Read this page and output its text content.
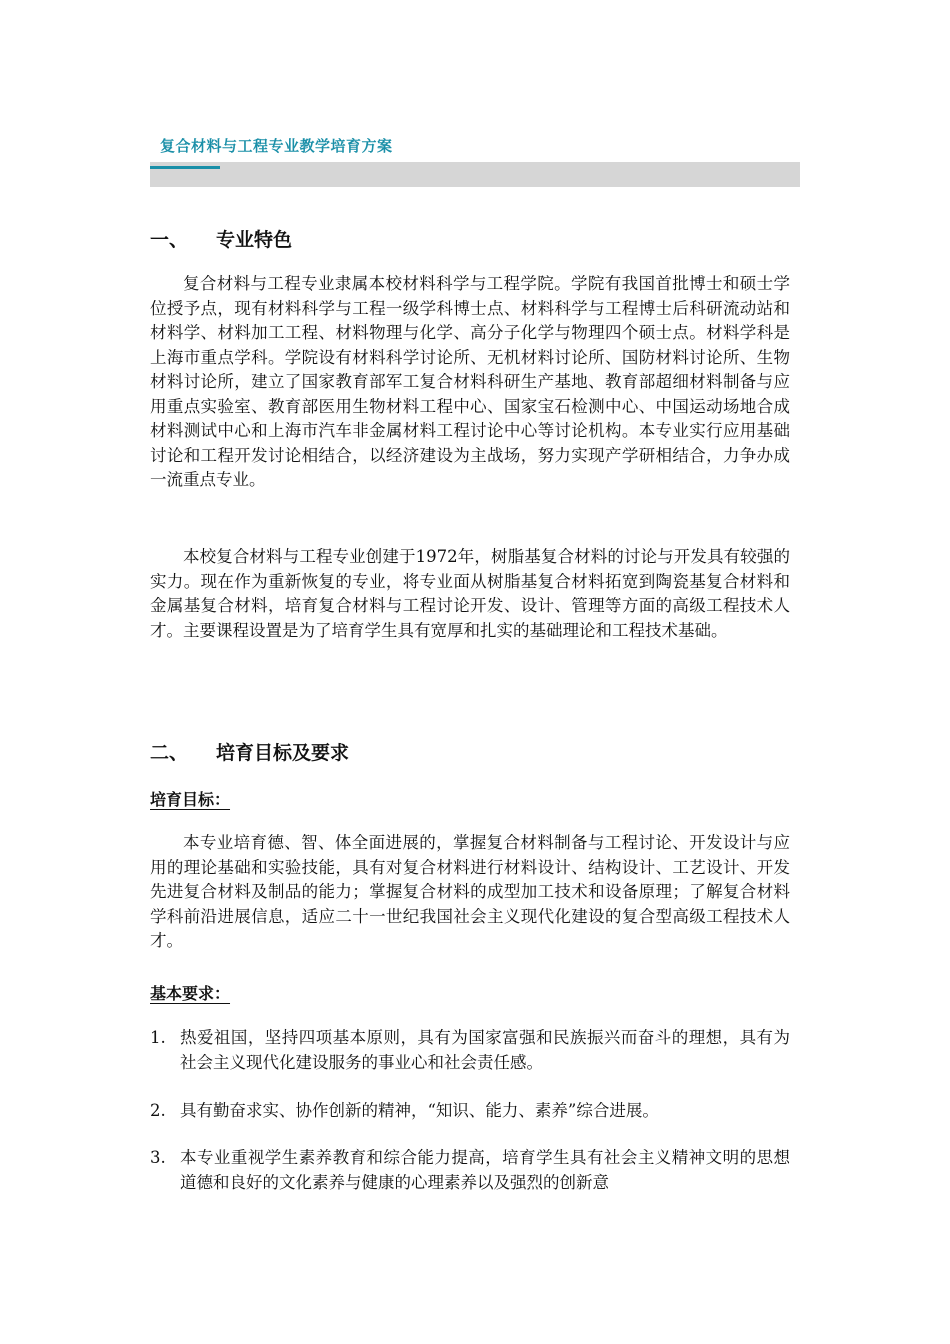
复合材料与工程专业教学培育方案
一、 专业特色

复合材料与工程专业隶属本校材料科学与工程学院。学院有我国首批博士和硕士学位授予点，现有材料科学与工程一级学科博士点、材料科学与工程博士后科研流动站和材料学、材料加工工程、材料物理与化学、高分子化学与物理四个硕士点。材料学科是上海市重点学科。学院设有材料科学讨论所、无机材料讨论所、国防材料讨论所、生物材料讨论所，建立了国家教育部军工复合材料科研生产基地、教育部超细材料制备与应用重点实验室、教育部医用生物材料工程中心、国家宝石检测中心、中国运动场地合成材料测试中心和上海市汽车非金属材料工程讨论中心等讨论机构。本专业实行应用基础讨论和工程开发讨论相结合，以经济建设为主战场，努力实现产学研相结合，力争办成一流重点专业。

本校复合材料与工程专业创建于1972年，树脂基复合材料的讨论与开发具有较强的实力。现在作为重新恢复的专业，将专业面从树脂基复合材料拓宽到陶瓷基复合材料和金属基复合材料，培育复合材料与工程讨论开发、设计、管理等方面的高级工程技术人才。主要课程设置是为了培育学生具有宽厚和扎实的基础理论和工程技术基础。

二、 培育目标及要求
培育目标：

本专业培育德、智、体全面进展的，掌握复合材料制备与工程讨论、开发设计与应用的理论基础和实验技能，具有对复合材料进行材料设计、结构设计、工艺设计、开发先进复合材料及制品的能力；掌握复合材料的成型加工技术和设备原理；了解复合材料学科前沿进展信息，适应二十一世纪我国社会主义现代化建设的复合型高级工程技术人才。

基本要求：
1. 热爱祖国，坚持四项基本原则，具有为国家富强和民族振兴而奋斗的理想，具有为社会主义现代化建设服务的事业心和社会责任感。
2. 具有勤奋求实、协作创新的精神，“知识、能力、素养”综合进展。
3. 本专业重视学生素养教育和综合能力提高，培育学生具有社会主义精神文明的思想道德和良好的文化素养与健康的心理素养以及强烈的创新意
